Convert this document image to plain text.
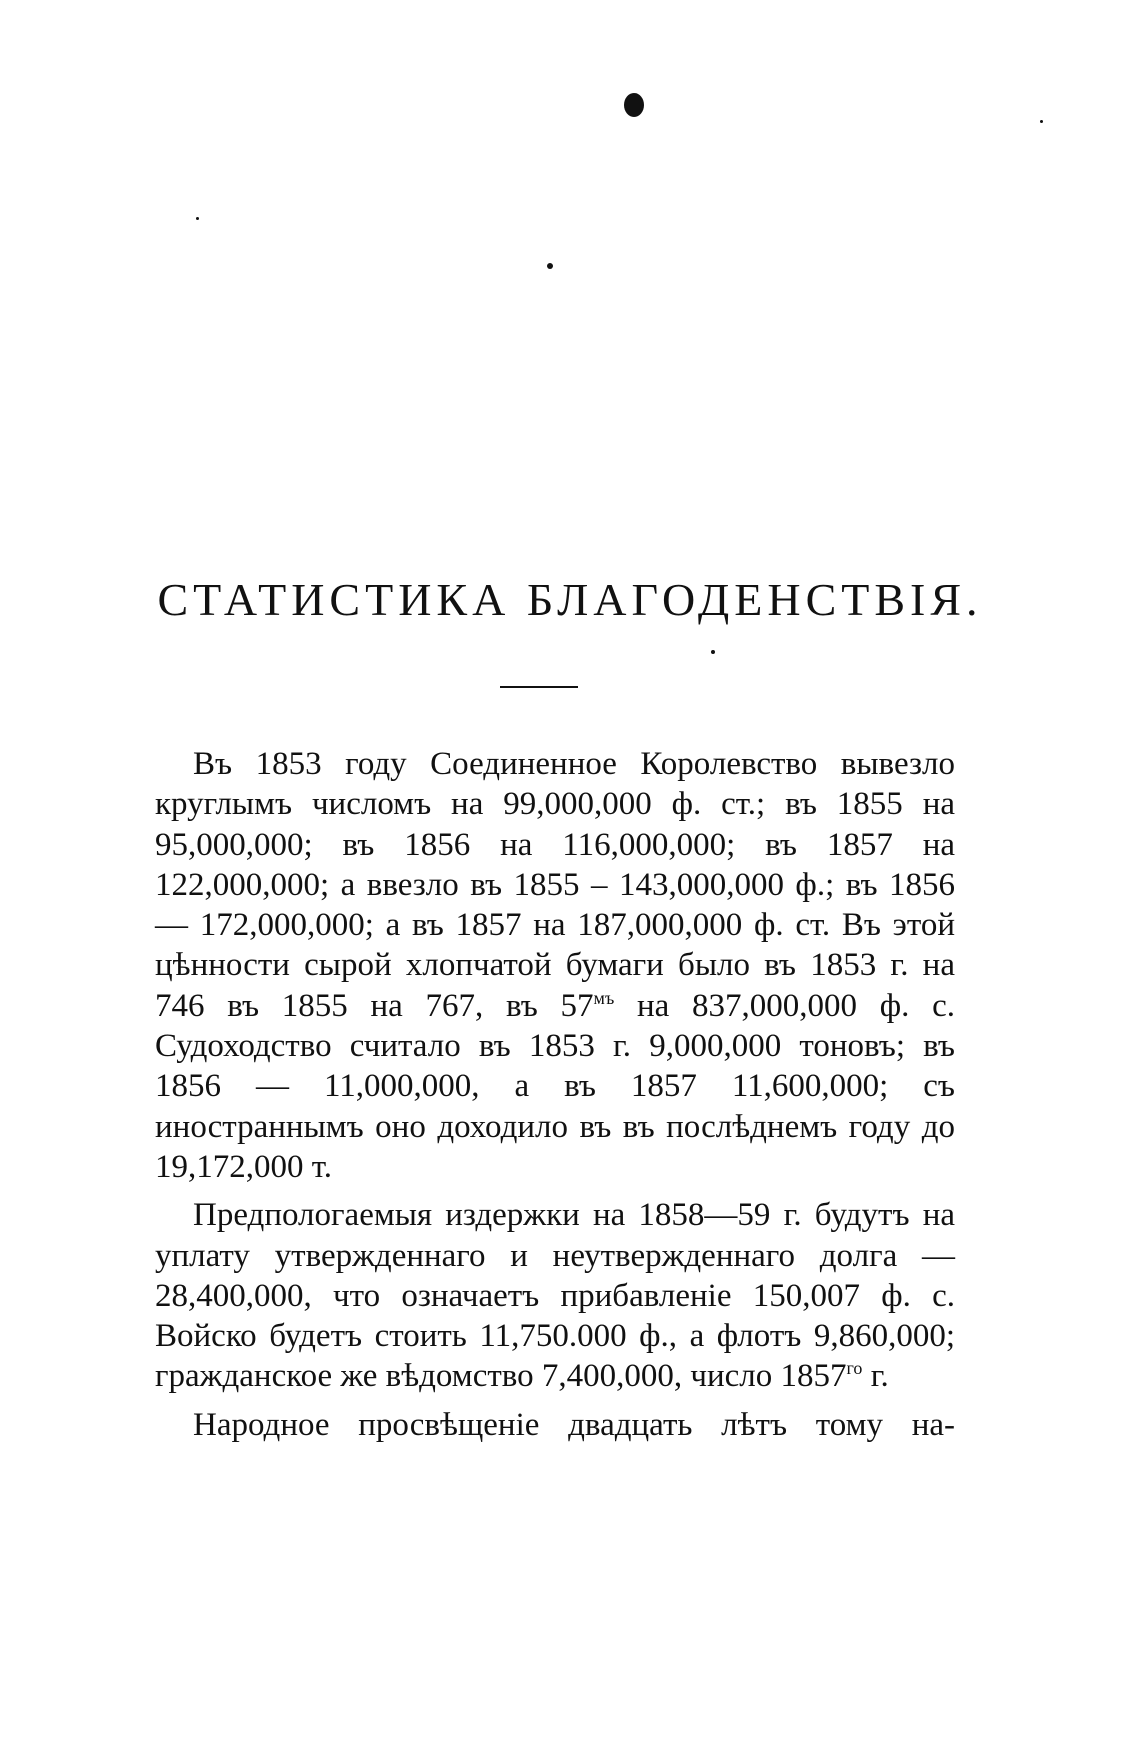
СТАТИСТИКА БЛАГОДЕНСТВІЯ.

Въ 1853 году Соединенное Королевство вывезло круглымъ числомъ на 99,000,000 ф. ст.; въ 1855 на 95,000,000; въ 1856 на 116,000,000; въ 1857 на 122,000,000; а ввезло въ 1855 – 143,000,000 ф.; въ 1856 — 172,000,000; а въ 1857 на 187,000,000 ф. ст. Въ этой цѣнности сырой хлопчатой бумаги было въ 1853 г. на 746 въ 1855 на 767, въ $57^{мъ}$ на 837,000,000 ф. с. Судоходство считало въ 1853 г. 9,000,000 тоновъ; въ 1856 — 11,000,000, а въ 1857 11,600,000; съ иностраннымъ оно доходило въ въ послѣднемъ году до 19,172,000 т.

Предпологаемыя издержки на 1858—59 г. будутъ на уплату утвержденнаго и неутвержденнаго долга — 28,400,000, что означаетъ прибавленіе 150,007 ф. с. Войско будетъ стоить 11,750.000 ф., а флотъ 9,860,000; гражданское же вѣдомство 7,400,000, число $1857^{го}$ г.

Народное просвѣщеніе двадцать лѣтъ тому на-
